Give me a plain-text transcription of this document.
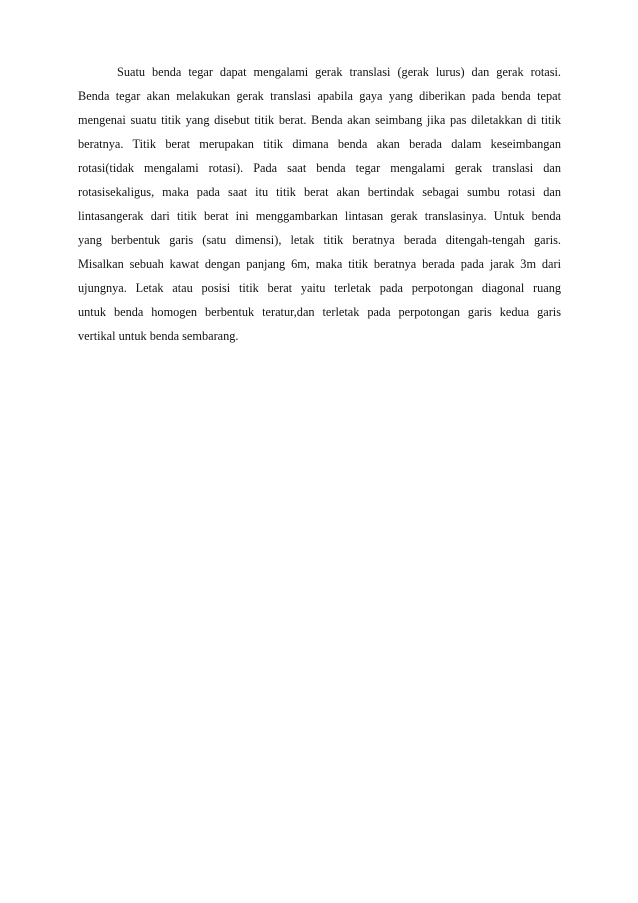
Suatu benda tegar dapat mengalami gerak translasi (gerak lurus) dan gerak rotasi.

Benda tegar akan melakukan gerak translasi apabila gaya yang diberikan pada benda tepat

mengenai suatu titik yang disebut titik berat. Benda akan seimbang jika pas diletakkan di titik

beratnya. Titik berat merupakan titik dimana benda akan berada dalam keseimbangan

rotasi(tidak mengalami rotasi). Pada saat benda tegar mengalami gerak translasi dan

rotasisekaligus, maka pada saat itu titik berat akan bertindak sebagai sumbu rotasi dan

lintasangerak dari titik berat ini menggambarkan lintasan gerak translasinya. Untuk benda

yang berbentuk garis (satu dimensi), letak titik beratnya berada ditengah-tengah garis.

Misalkan sebuah kawat dengan panjang 6m, maka titik beratnya berada pada jarak 3m dari

ujungnya. Letak atau posisi titik berat yaitu terletak pada perpotongan diagonal ruang

untuk benda homogen berbentuk teratur,dan terletak pada perpotongan garis kedua garis

vertikal untuk benda sembarang.
